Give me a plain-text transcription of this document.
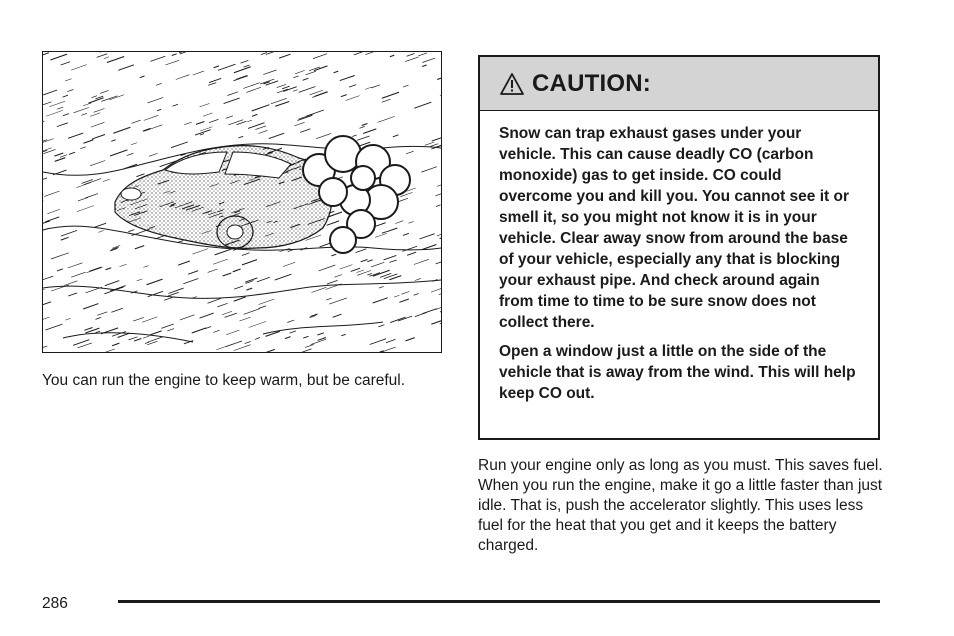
You can run the engine to keep warm, but be careful.

CAUTION:

Snow can trap exhaust gases under your vehicle. This can cause deadly CO (carbon monoxide) gas to get inside. CO could overcome you and kill you. You cannot see it or smell it, so you might not know it is in your vehicle. Clear away snow from around the base of your vehicle, especially any that is blocking your exhaust pipe. And check around again from time to time to be sure snow does not collect there.

Open a window just a little on the side of the vehicle that is away from the wind. This will help keep CO out.

Run your engine only as long as you must. This saves fuel. When you run the engine, make it go a little faster than just idle. That is, push the accelerator slightly. This uses less fuel for the heat that you get and it keeps the battery charged.

286
